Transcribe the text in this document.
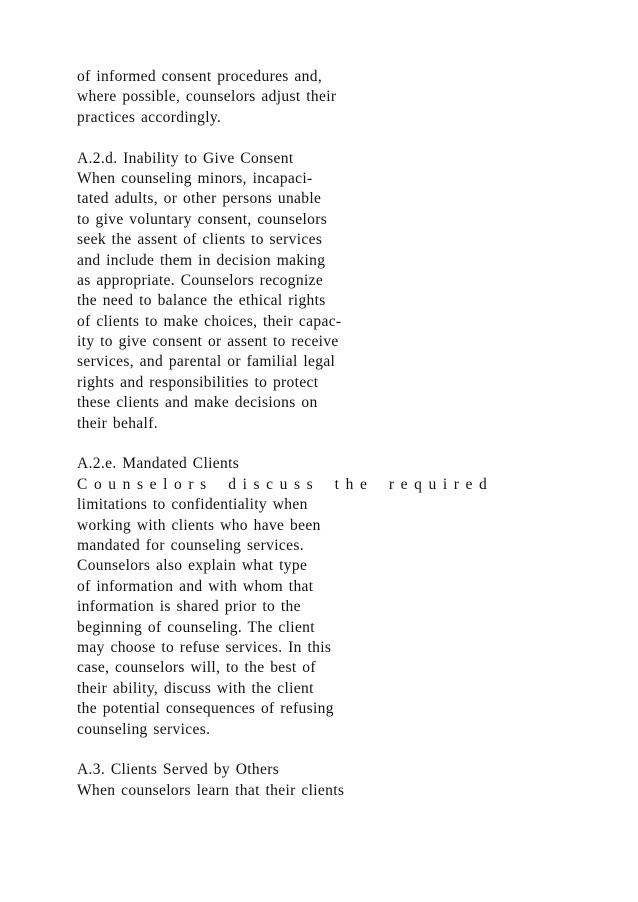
of informed consent procedures and,
where possible, counselors adjust their
practices accordingly.
A.2.d. Inability to Give Consent
When counseling minors, incapaci-
tated adults, or other persons unable
to give voluntary consent, counselors
seek the assent of clients to services
and include them in decision making
as appropriate. Counselors recognize
the need to balance the ethical rights
of clients to make choices, their capac-
ity to give consent or assent to receive
services, and parental or familial legal
rights and responsibilities to protect
these clients and make decisions on
their behalf.
A.2.e. Mandated Clients
Counselors discuss the required
limitations to confidentiality when
working with clients who have been
mandated for counseling services.
Counselors also explain what type
of information and with whom that
information is shared prior to the
beginning of counseling. The client
may choose to refuse services. In this
case, counselors will, to the best of
their ability, discuss with the client
the potential consequences of refusing
counseling services.
A.3. Clients Served by Others
When counselors learn that their clients
